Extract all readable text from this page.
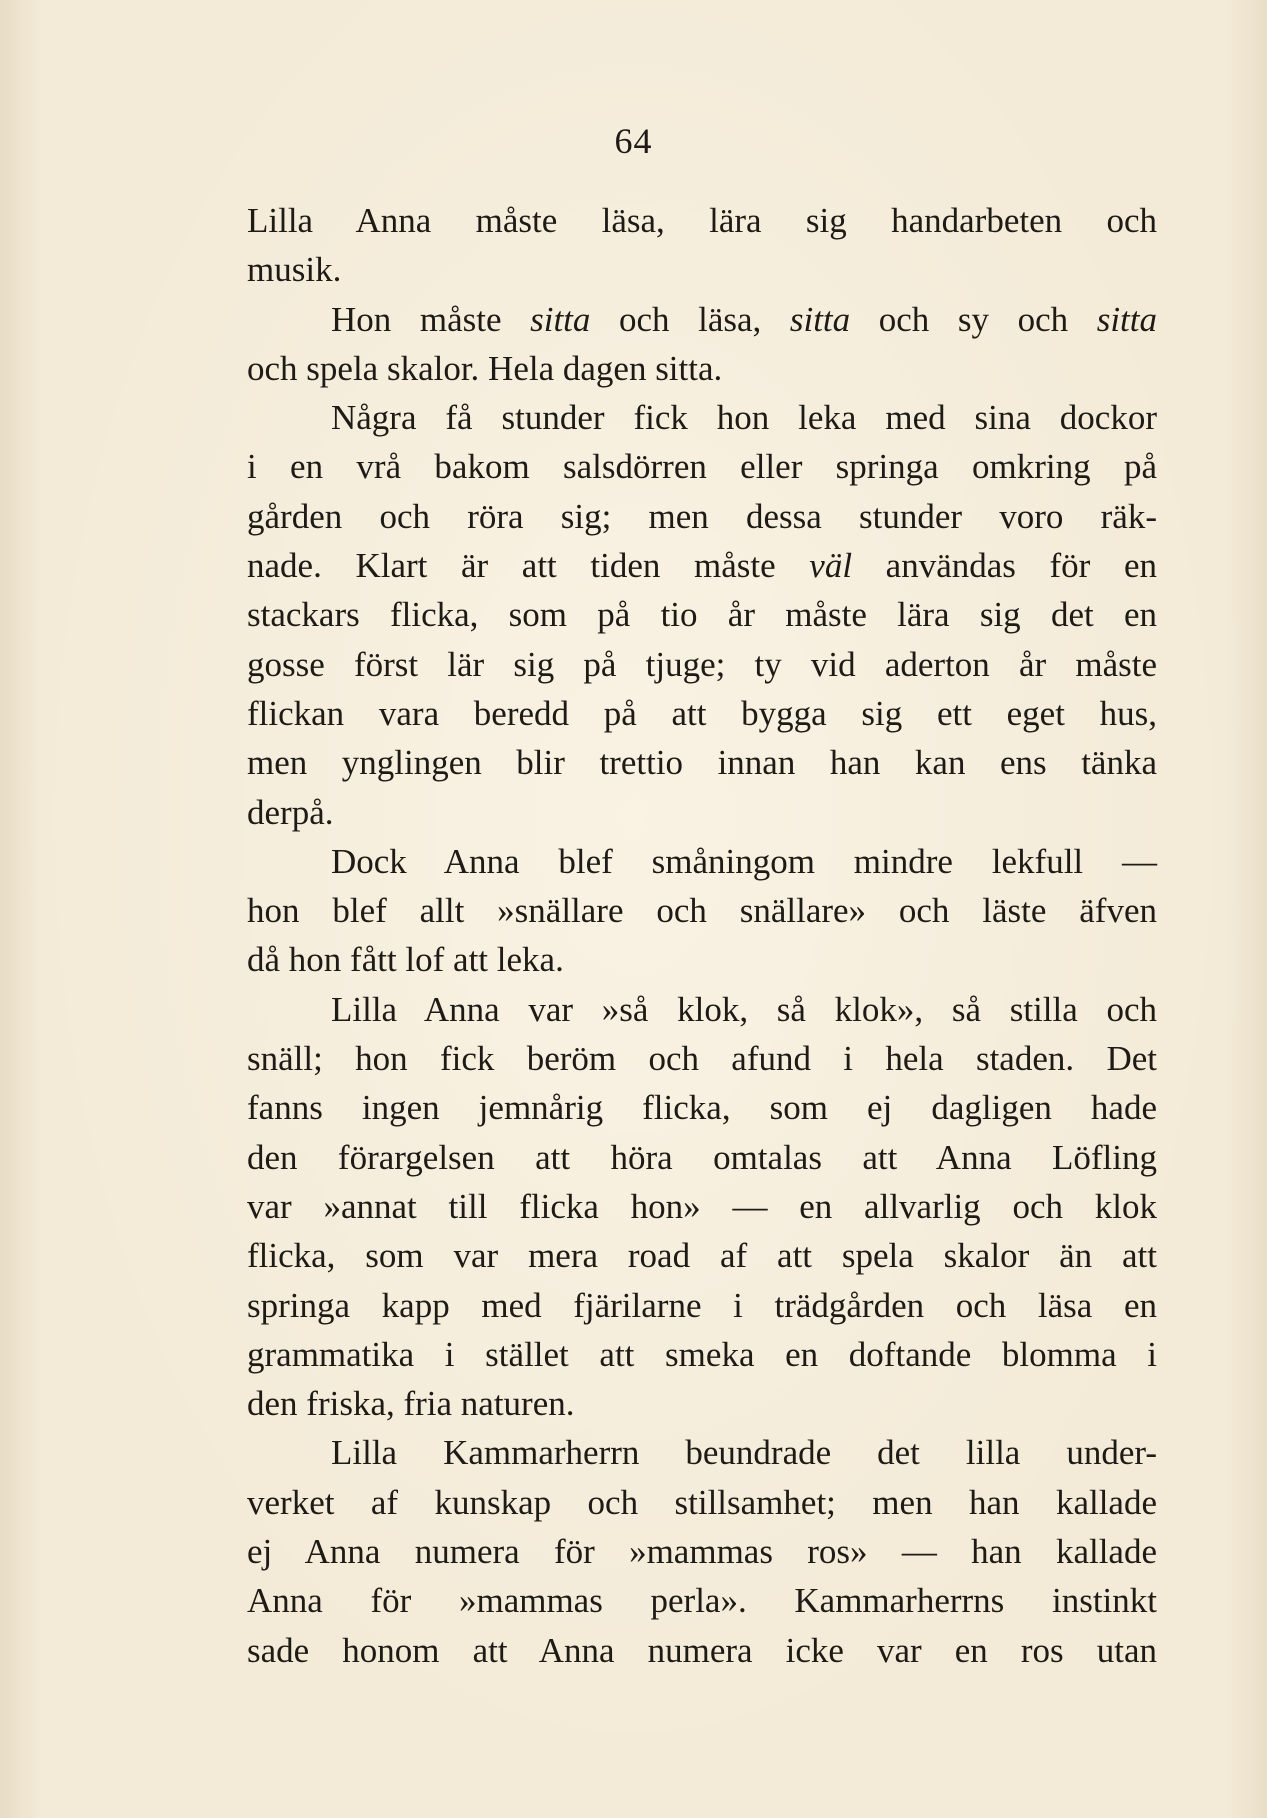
64
Lilla Anna måste läsa, lära sig handarbeten och
musik.
Hon måste sitta och läsa, sitta och sy och sitta
och spela skalor. Hela dagen sitta.
Några få stunder fick hon leka med sina dockor
i en vrå bakom salsdörren eller springa omkring på
gården och röra sig; men dessa stunder voro räk-
nade. Klart är att tiden måste väl användas för en
stackars flicka, som på tio år måste lära sig det en
gosse först lär sig på tjuge; ty vid aderton år måste
flickan vara beredd på att bygga sig ett eget hus,
men ynglingen blir trettio innan han kan ens tänka
derpå.
Dock Anna blef småningom mindre lekfull —
hon blef allt »snällare och snällare» och läste äfven
då hon fått lof att leka.
Lilla Anna var »så klok, så klok», så stilla och
snäll; hon fick beröm och afund i hela staden. Det
fanns ingen jemnårig flicka, som ej dagligen hade
den förargelsen att höra omtalas att Anna Löfling
var »annat till flicka hon» — en allvarlig och klok
flicka, som var mera road af att spela skalor än att
springa kapp med fjärilarne i trädgården och läsa en
grammatika i stället att smeka en doftande blomma i
den friska, fria naturen.
Lilla Kammarherrn beundrade det lilla under-
verket af kunskap och stillsamhet; men han kallade
ej Anna numera för »mammas ros» — han kallade
Anna för »mammas perla». Kammarherrns instinkt
sade honom att Anna numera icke var en ros utan
